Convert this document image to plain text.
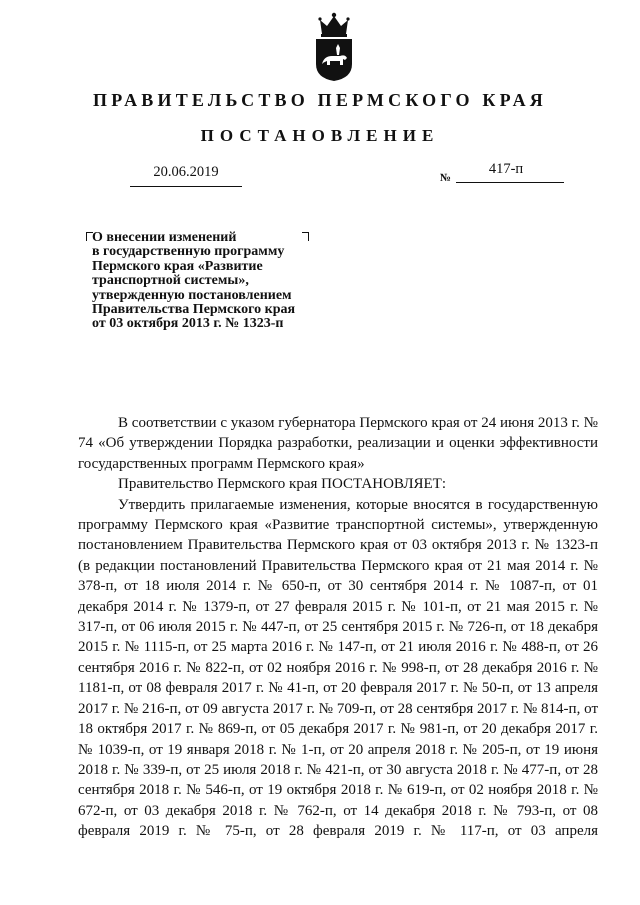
ПРАВИТЕЛЬСТВО ПЕРМСКОГО КРАЯ
ПОСТАНОВЛЕНИЕ
20.06.2019	№
417-п
О внесении изменений
в государственную программу
Пермского края «Развитие
транспортной системы»,
утвержденную постановлением
Правительства Пермского края
от 03 октября 2013 г. № 1323-п
В соответствии с указом губернатора Пермского края от 24 июня 2013 г. № 74 «Об утверждении Порядка разработки, реализации и оценки эффективности государственных программ Пермского края»
Правительство Пермского края ПОСТАНОВЛЯЕТ:
Утвердить прилагаемые изменения, которые вносятся в государственную программу Пермского края «Развитие транспортной системы», утвержденную постановлением Правительства Пермского края от 03 октября 2013 г. № 1323-п (в редакции постановлений Правительства Пермского края от 21 мая 2014 г. № 378-п, от 18 июля 2014 г. № 650-п, от 30 сентября 2014 г. № 1087-п, от 01 декабря 2014 г. № 1379-п, от 27 февраля 2015 г. № 101-п, от 21 мая 2015 г. № 317-п, от 06 июля 2015 г. № 447-п, от 25 сентября 2015 г. № 726-п, от 18 декабря 2015 г. № 1115-п, от 25 марта 2016 г. № 147-п, от 21 июля 2016 г. № 488-п, от 26 сентября 2016 г. № 822-п, от 02 ноября 2016 г. № 998-п, от 28 декабря 2016 г. № 1181-п, от 08 февраля 2017 г. № 41-п, от 20 февраля 2017 г. № 50-п, от 13 апреля 2017 г. № 216-п, от 09 августа 2017 г. № 709-п, от 28 сентября 2017 г. № 814-п, от 18 октября 2017 г. № 869-п, от 05 декабря 2017 г. № 981-п, от 20 декабря 2017 г. № 1039-п, от 19 января 2018 г. № 1-п, от 20 апреля 2018 г. № 205-п, от 19 июня 2018 г. № 339-п, от 25 июля 2018 г. № 421-п, от 30 августа 2018 г. № 477-п, от 28 сентября 2018 г. № 546-п, от 19 октября 2018 г. № 619-п, от 02 ноября 2018 г. № 672-п, от 03 декабря 2018 г. № 762-п, от 14 декабря 2018 г. № 793-п, от 08 февраля 2019 г. № 75-п, от 28 февраля 2019 г. № 117-п, от 03 апреля
